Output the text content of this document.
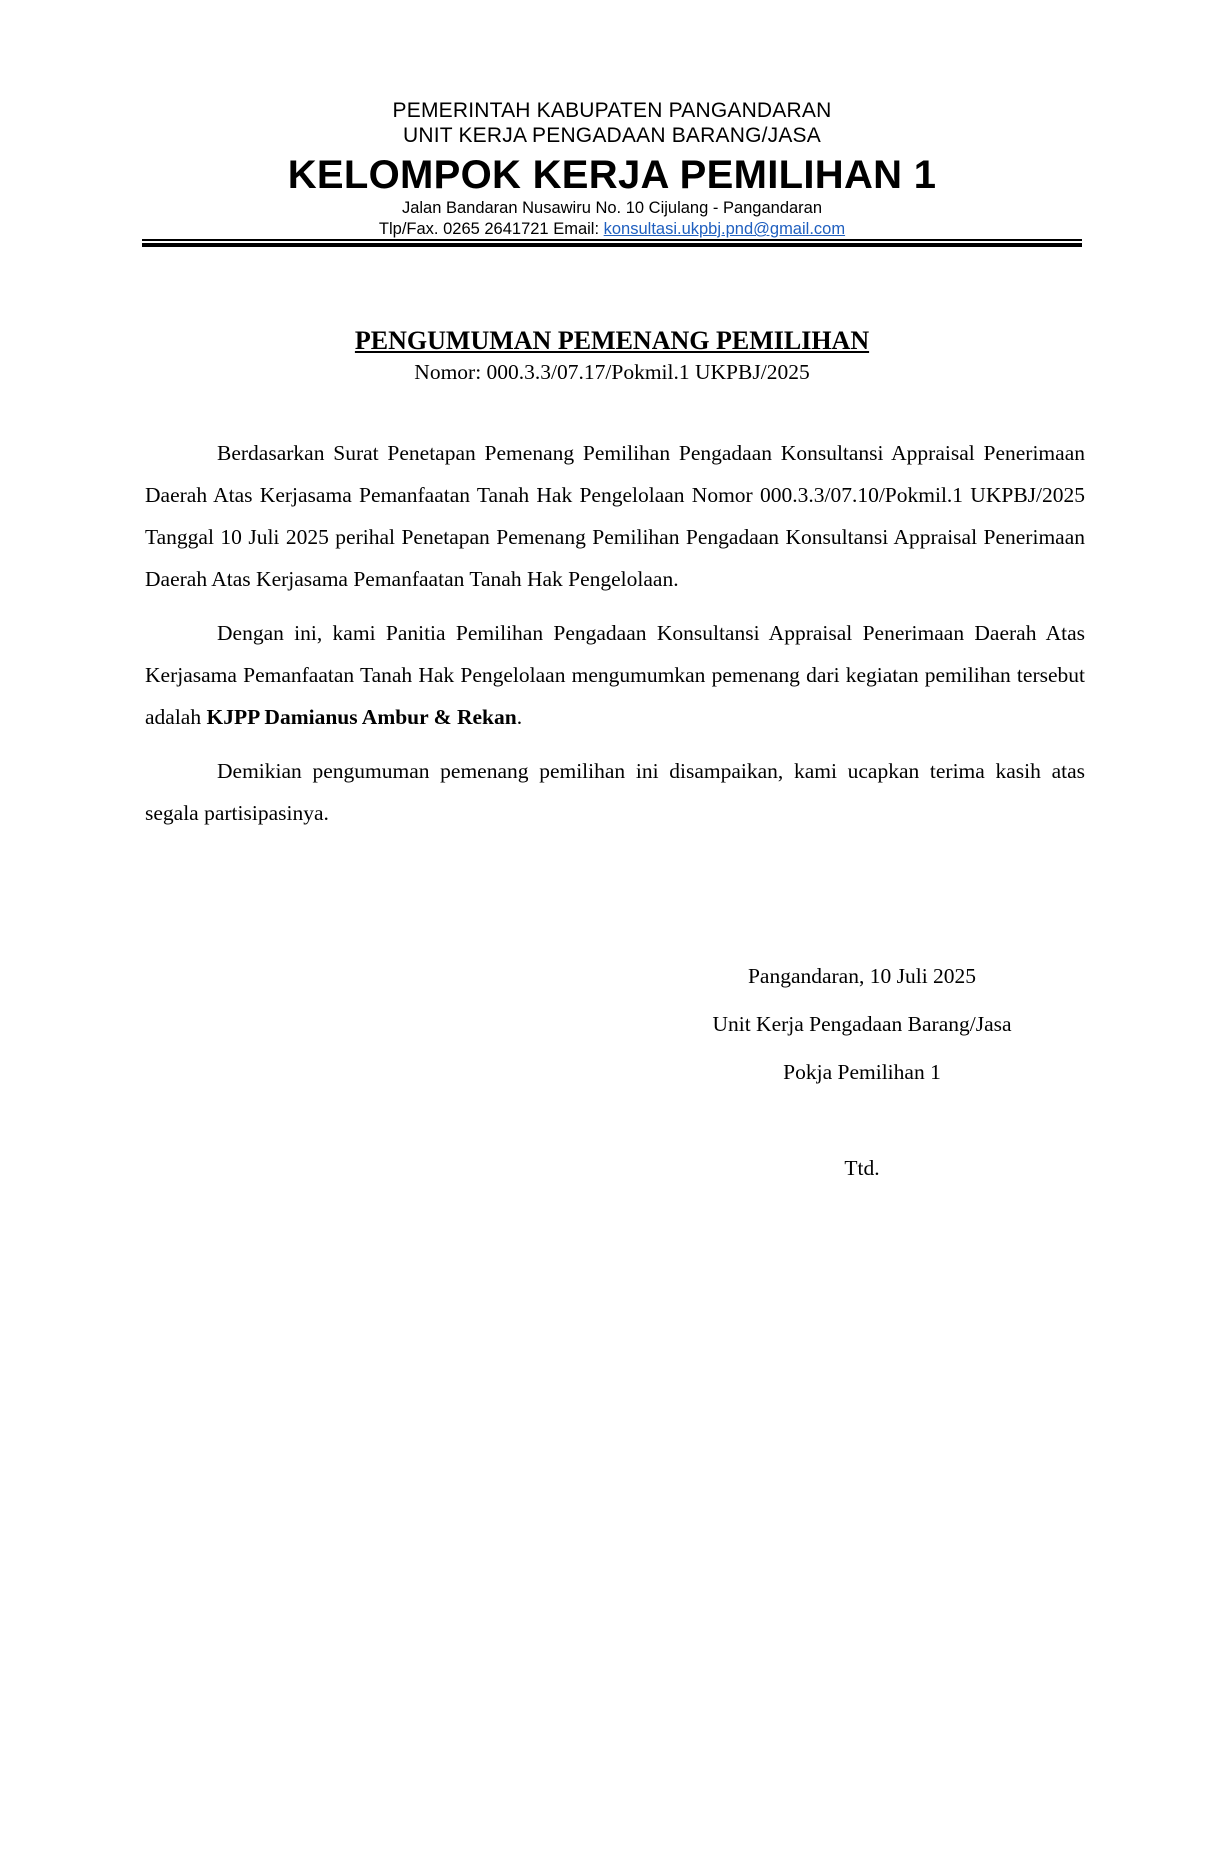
PEMERINTAH KABUPATEN PANGANDARAN
UNIT KERJA PENGADAAN BARANG/JASA
KELOMPOK KERJA PEMILIHAN 1
Jalan Bandaran Nusawiru No. 10 Cijulang - Pangandaran
Tlp/Fax. 0265 2641721 Email: konsultasi.ukpbj.pnd@gmail.com
PENGUMUMAN PEMENANG PEMILIHAN
Nomor: 000.3.3/07.17/Pokmil.1 UKPBJ/2025

Berdasarkan Surat Penetapan Pemenang Pemilihan Pengadaan Konsultansi Appraisal Penerimaan Daerah Atas Kerjasama Pemanfaatan Tanah Hak Pengelolaan Nomor 000.3.3/07.10/Pokmil.1 UKPBJ/2025 Tanggal 10 Juli 2025 perihal Penetapan Pemenang Pemilihan Pengadaan Konsultansi Appraisal Penerimaan Daerah Atas Kerjasama Pemanfaatan Tanah Hak Pengelolaan.

Dengan ini, kami Panitia Pemilihan Pengadaan Konsultansi Appraisal Penerimaan Daerah Atas Kerjasama Pemanfaatan Tanah Hak Pengelolaan mengumumkan pemenang dari kegiatan pemilihan tersebut adalah KJPP Damianus Ambur & Rekan.

Demikian pengumuman pemenang pemilihan ini disampaikan, kami ucapkan terima kasih atas segala partisipasinya.

Pangandaran, 10 Juli 2025
Unit Kerja Pengadaan Barang/Jasa
Pokja Pemilihan 1
Ttd.
